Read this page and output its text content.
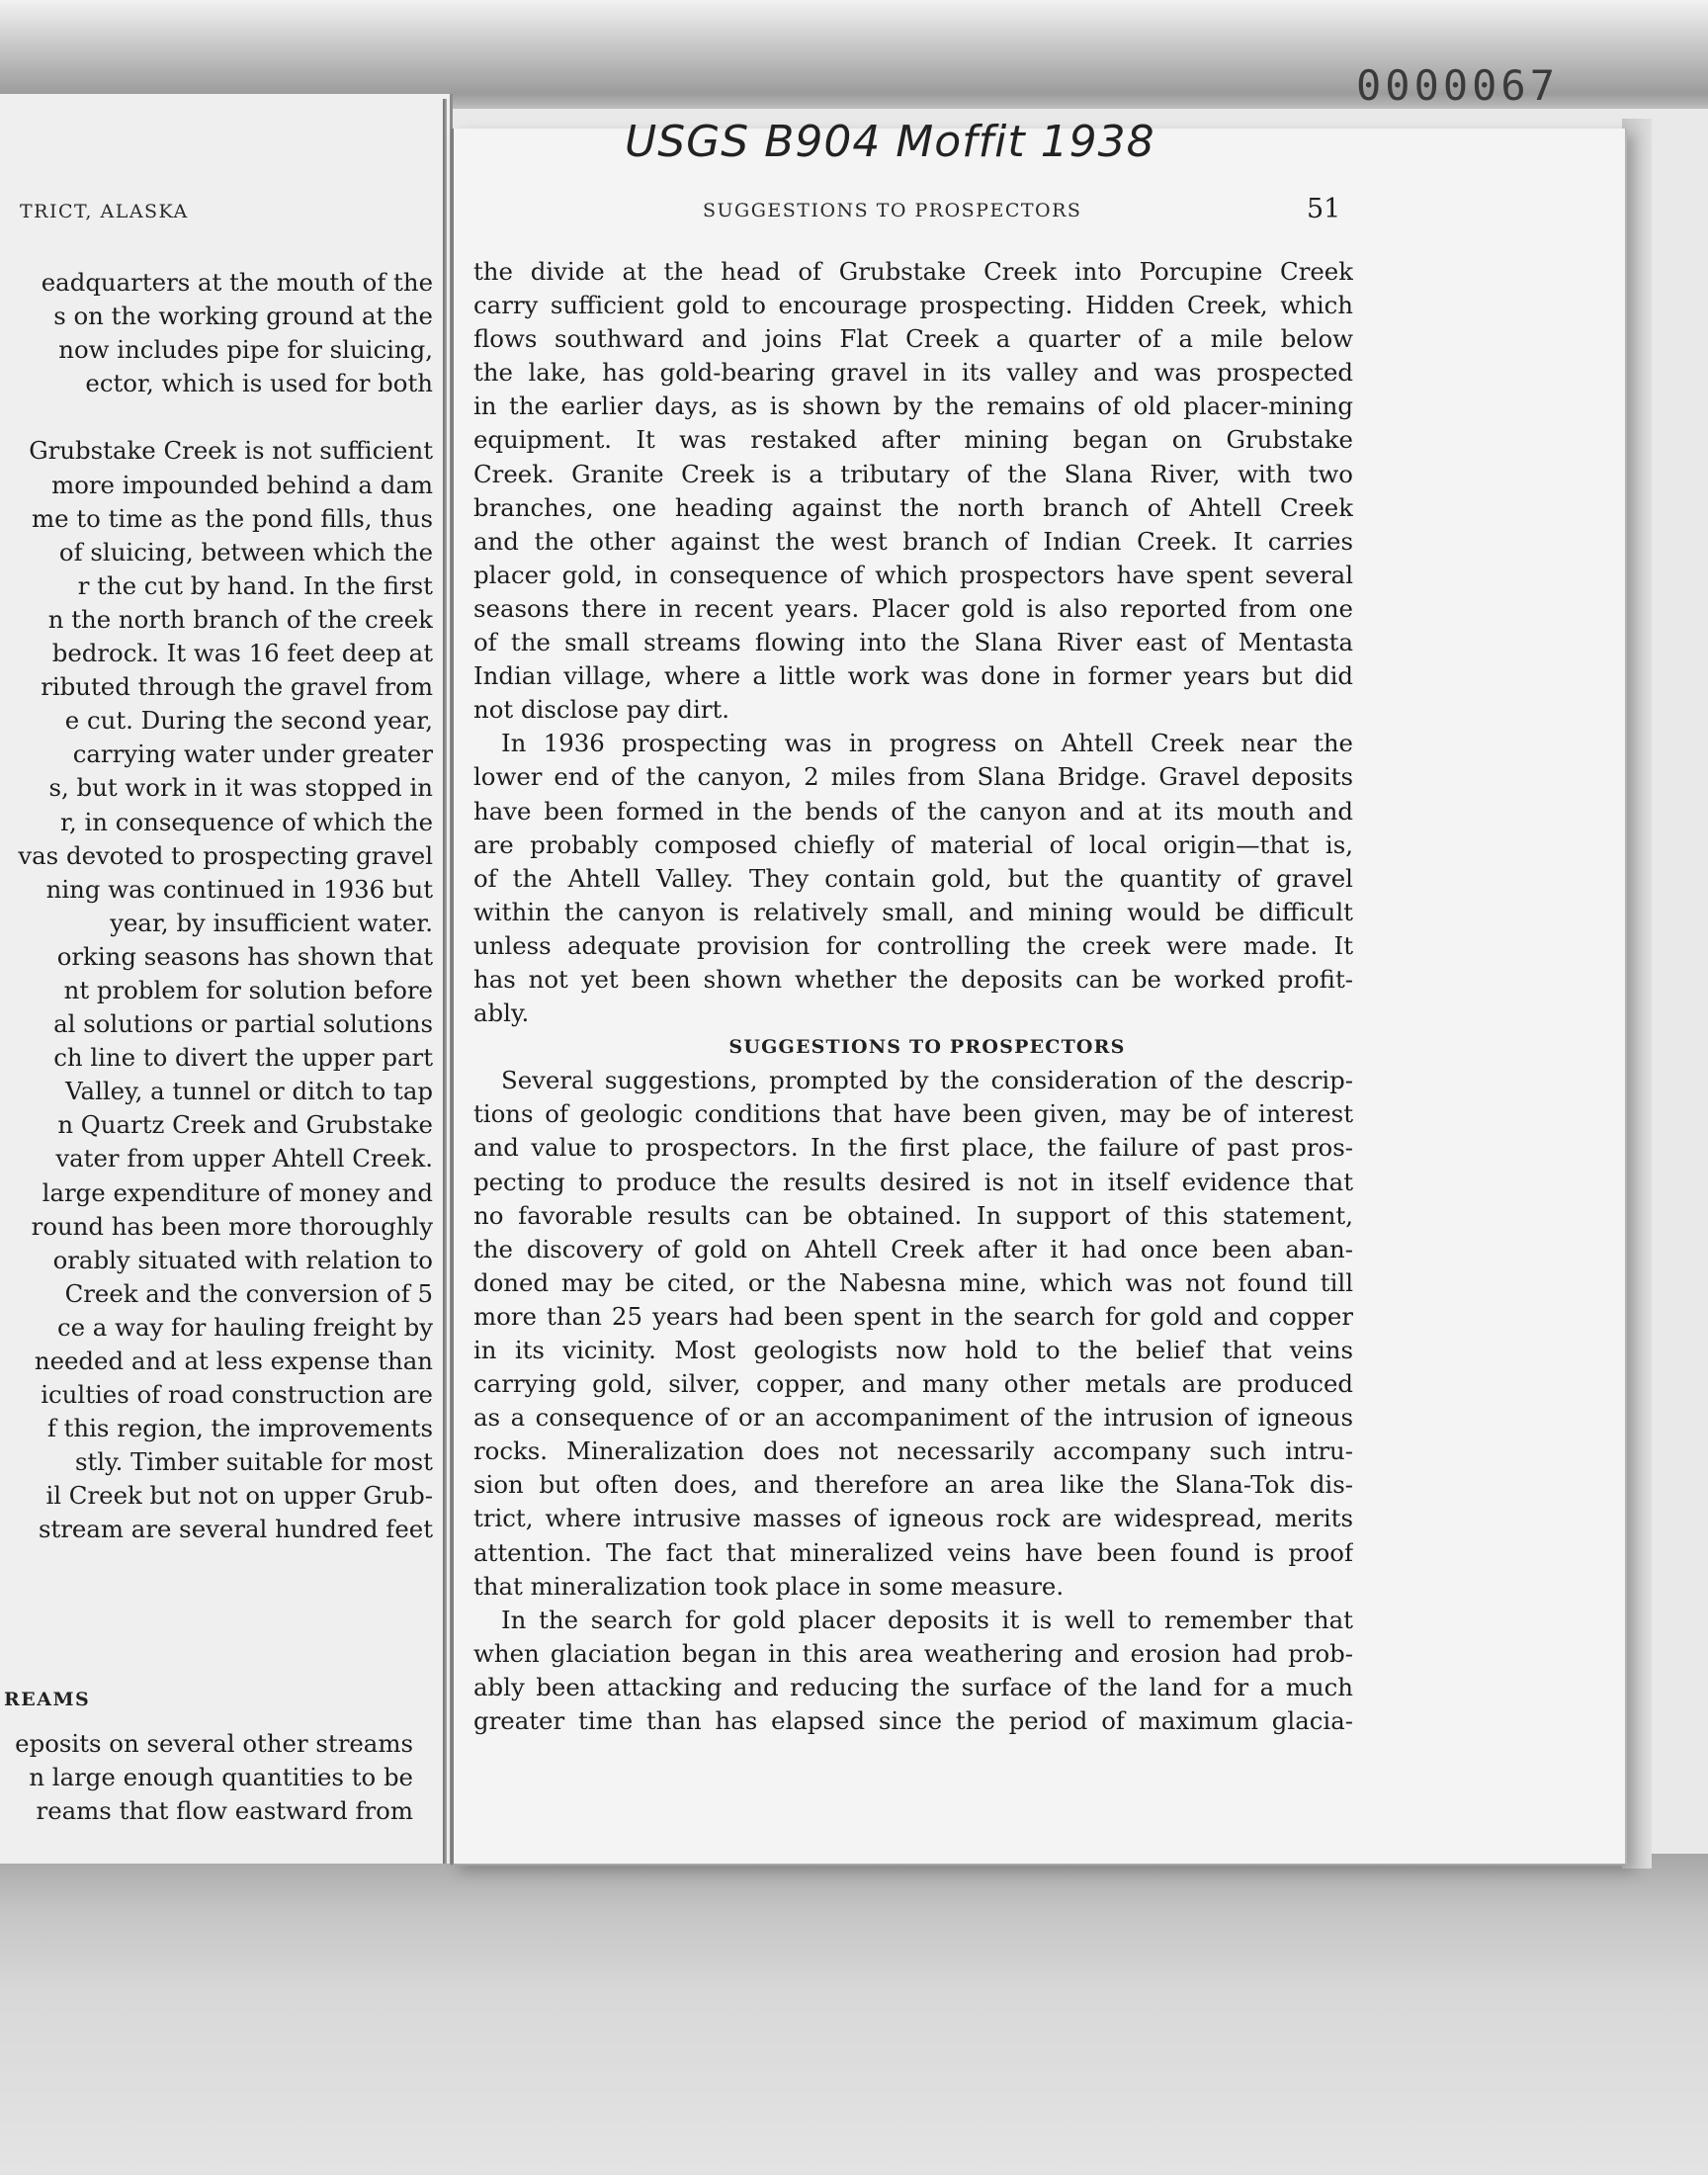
0000067
TRICT, ALASKA
eadquarters at the mouth of the
s on the working ground at the
now includes pipe for sluicing,
ector, which is used for both
Grubstake Creek is not sufficient
more impounded behind a dam
me to time as the pond fills, thus
of sluicing, between which the
r the cut by hand. In the first
n the north branch of the creek
bedrock. It was 16 feet deep at
ributed through the gravel from
e cut. During the second year,
carrying water under greater
s, but work in it was stopped in
r, in consequence of which the
vas devoted to prospecting gravel
ning was continued in 1936 but
year, by insufficient water.
orking seasons has shown that
nt problem for solution before
al solutions or partial solutions
ch line to divert the upper part
Valley, a tunnel or ditch to tap
n Quartz Creek and Grubstake
vater from upper Ahtell Creek.
large expenditure of money and
round has been more thoroughly
orably situated with relation to
Creek and the conversion of 5
ce a way for hauling freight by
needed and at less expense than
iculties of road construction are
f this region, the improvements
stly. Timber suitable for most
il Creek but not on upper Grub-
stream are several hundred feet
REAMS
eposits on several other streams
n large enough quantities to be
reams that flow eastward from
SUGGESTIONS TO PROSPECTORS	51
the divide at the head of Grubstake Creek into Porcupine Creek
carry sufficient gold to encourage prospecting. Hidden Creek, which
flows southward and joins Flat Creek a quarter of a mile below
the lake, has gold-bearing gravel in its valley and was prospected
in the earlier days, as is shown by the remains of old placer-mining
equipment. It was restaked after mining began on Grubstake
Creek. Granite Creek is a tributary of the Slana River, with two
branches, one heading against the north branch of Ahtell Creek
and the other against the west branch of Indian Creek. It carries
placer gold, in consequence of which prospectors have spent several
seasons there in recent years. Placer gold is also reported from one
of the small streams flowing into the Slana River east of Mentasta
Indian village, where a little work was done in former years but did
not disclose pay dirt.
In 1936 prospecting was in progress on Ahtell Creek near the
lower end of the canyon, 2 miles from Slana Bridge. Gravel deposits
have been formed in the bends of the canyon and at its mouth and
are probably composed chiefly of material of local origin—that is,
of the Ahtell Valley. They contain gold, but the quantity of gravel
within the canyon is relatively small, and mining would be difficult
unless adequate provision for controlling the creek were made. It
has not yet been shown whether the deposits can be worked profit-
ably.
SUGGESTIONS TO PROSPECTORS
Several suggestions, prompted by the consideration of the descrip-
tions of geologic conditions that have been given, may be of interest
and value to prospectors. In the first place, the failure of past pros-
pecting to produce the results desired is not in itself evidence that
no favorable results can be obtained. In support of this statement,
the discovery of gold on Ahtell Creek after it had once been aban-
doned may be cited, or the Nabesna mine, which was not found till
more than 25 years had been spent in the search for gold and copper
in its vicinity. Most geologists now hold to the belief that veins
carrying gold, silver, copper, and many other metals are produced
as a consequence of or an accompaniment of the intrusion of igneous
rocks. Mineralization does not necessarily accompany such intru-
sion but often does, and therefore an area like the Slana-Tok dis-
trict, where intrusive masses of igneous rock are widespread, merits
attention. The fact that mineralized veins have been found is proof
that mineralization took place in some measure.
In the search for gold placer deposits it is well to remember that
when glaciation began in this area weathering and erosion had prob-
ably been attacking and reducing the surface of the land for a much
greater time than has elapsed since the period of maximum glacia-
USGS B904 Moffit 1938
